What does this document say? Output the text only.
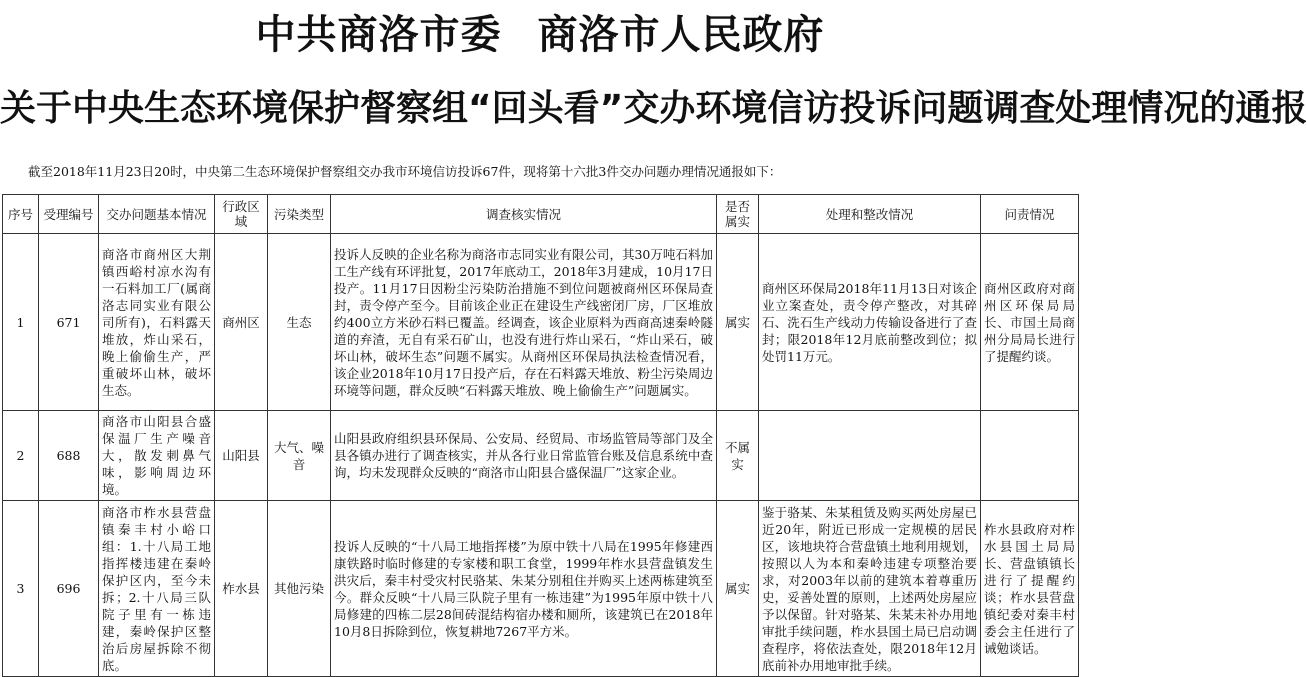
中共商洛市委 商洛市人民政府
关于中央生态环境保护督察组“回头看”交办环境信访投诉问题调查处理情况的通报
截至2018年11月23日20时，中央第二生态环境保护督察组交办我市环境信访投诉67件，现将第十六批3件交办问题办理情况通报如下：
序号	受理编号	交办问题基本情况	行政区域	污染类型	调查核实情况	是否属实	处理和整改情况	问责情况
1	671	商洛市商州区大荆镇西峪村凉水沟有一石料加工厂(属商洛志同实业有限公司所有)，石料露天堆放，炸山采石，晚上偷偷生产，严重破坏山林，破坏生态。	商州区	生态	投诉人反映的企业名称为商洛市志同实业有限公司，其30万吨石料加工生产线有环评批复，2017年底动工，2018年3月建成，10月17日投产。11月17日因粉尘污染防治措施不到位问题被商州区环保局查封，责令停产至今。目前该企业正在建设生产线密闭厂房，厂区堆放约400立方米砂石料已覆盖。经调查，该企业原料为西商高速秦岭隧道的弃渣，无自有采石矿山，也没有进行炸山采石，“炸山采石，破坏山林，破坏生态”问题不属实。从商州区环保局执法检查情况看，该企业2018年10月17日投产后，存在石料露天堆放、粉尘污染周边环境等问题，群众反映“石料露天堆放、晚上偷偷生产”问题属实。	属实	商州区环保局2018年11月13日对该企业立案查处，责令停产整改，对其碎石、洗石生产线动力传输设备进行了查封；限2018年12月底前整改到位；拟处罚11万元。	商州区政府对商州区环保局局长、市国土局商州分局局长进行了提醒约谈。
2	688	商洛市山阳县合盛保温厂生产噪音大，散发刺鼻气味，影响周边环境。	山阳县	大气、噪音	山阳县政府组织县环保局、公安局、经贸局、市场监管局等部门及全县各镇办进行了调查核实，并从各行业日常监管台账及信息系统中查询，均未发现群众反映的“商洛市山阳县合盛保温厂”这家企业。	不属实		
3	696	商洛市柞水县营盘镇秦丰村小峪口组：1.十八局工地指挥楼违建在秦岭保护区内，至今未拆；2.十八局三队院子里有一栋违建，秦岭保护区整治后房屋拆除不彻底。	柞水县	其他污染	投诉人反映的“十八局工地指挥楼”为原中铁十八局在1995年修建西康铁路时临时修建的专家楼和职工食堂，1999年柞水县营盘镇发生洪灾后，秦丰村受灾村民骆某、朱某分别租住并购买上述两栋建筑至今。群众反映“十八局三队院子里有一栋违建”为1995年原中铁十八局修建的四栋二层28间砖混结构宿办楼和厕所，该建筑已在2018年10月8日拆除到位，恢复耕地7267平方米。	属实	鉴于骆某、朱某租赁及购买两处房屋已近20年，附近已形成一定规模的居民区，该地块符合营盘镇土地利用规划，按照以人为本和秦岭违建专项整治要求，对2003年以前的建筑本着尊重历史，妥善处置的原则，上述两处房屋应予以保留。针对骆某、朱某未补办用地审批手续问题，柞水县国土局已启动调查程序，将依法查处，限2018年12月底前补办用地审批手续。	柞水县政府对柞水县国土局局长、营盘镇镇长进行了提醒约谈；柞水县营盘镇纪委对秦丰村委会主任进行了诫勉谈话。
